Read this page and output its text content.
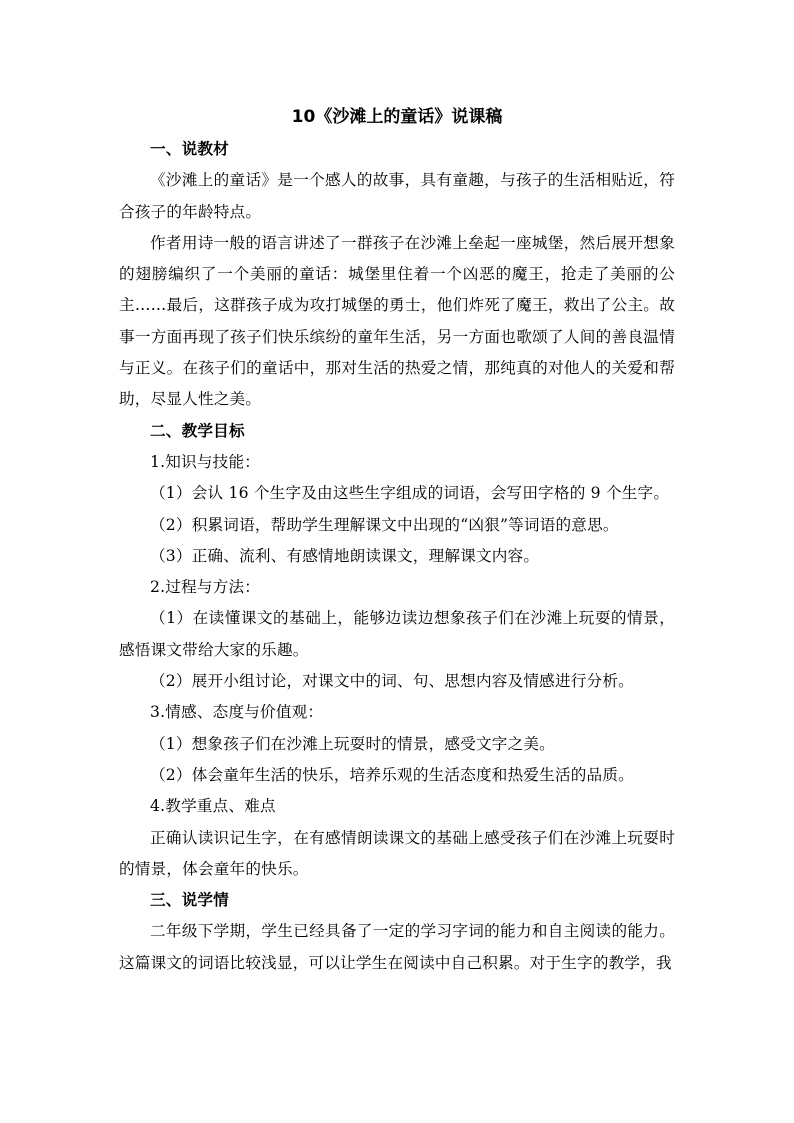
10《沙滩上的童话》说课稿

一、说教材

《沙滩上的童话》是一个感人的故事，具有童趣，与孩子的生活相贴近，符合孩子的年龄特点。

作者用诗一般的语言讲述了一群孩子在沙滩上垒起一座城堡，然后展开想象的翅膀编织了一个美丽的童话：城堡里住着一个凶恶的魔王，抢走了美丽的公主……最后，这群孩子成为攻打城堡的勇士，他们炸死了魔王，救出了公主。故事一方面再现了孩子们快乐缤纷的童年生活，另一方面也歌颂了人间的善良温情与正义。在孩子们的童话中，那对生活的热爱之情，那纯真的对他人的关爱和帮助，尽显人性之美。

二、教学目标

1.知识与技能：

（1）会认 16 个生字及由这些生字组成的词语，会写田字格的 9 个生字。

（2）积累词语，帮助学生理解课文中出现的“凶狠”等词语的意思。

（3）正确、流利、有感情地朗读课文，理解课文内容。

2.过程与方法：

（1）在读懂课文的基础上，能够边读边想象孩子们在沙滩上玩耍的情景，感悟课文带给大家的乐趣。

（2）展开小组讨论，对课文中的词、句、思想内容及情感进行分析。

3.情感、态度与价值观：

（1）想象孩子们在沙滩上玩耍时的情景，感受文字之美。

（2）体会童年生活的快乐，培养乐观的生活态度和热爱生活的品质。

4.教学重点、难点

正确认读识记生字，在有感情朗读课文的基础上感受孩子们在沙滩上玩耍时的情景，体会童年的快乐。

三、说学情

二年级下学期，学生已经具备了一定的学习字词的能力和自主阅读的能力。这篇课文的词语比较浅显，可以让学生在阅读中自己积累。对于生字的教学，我
